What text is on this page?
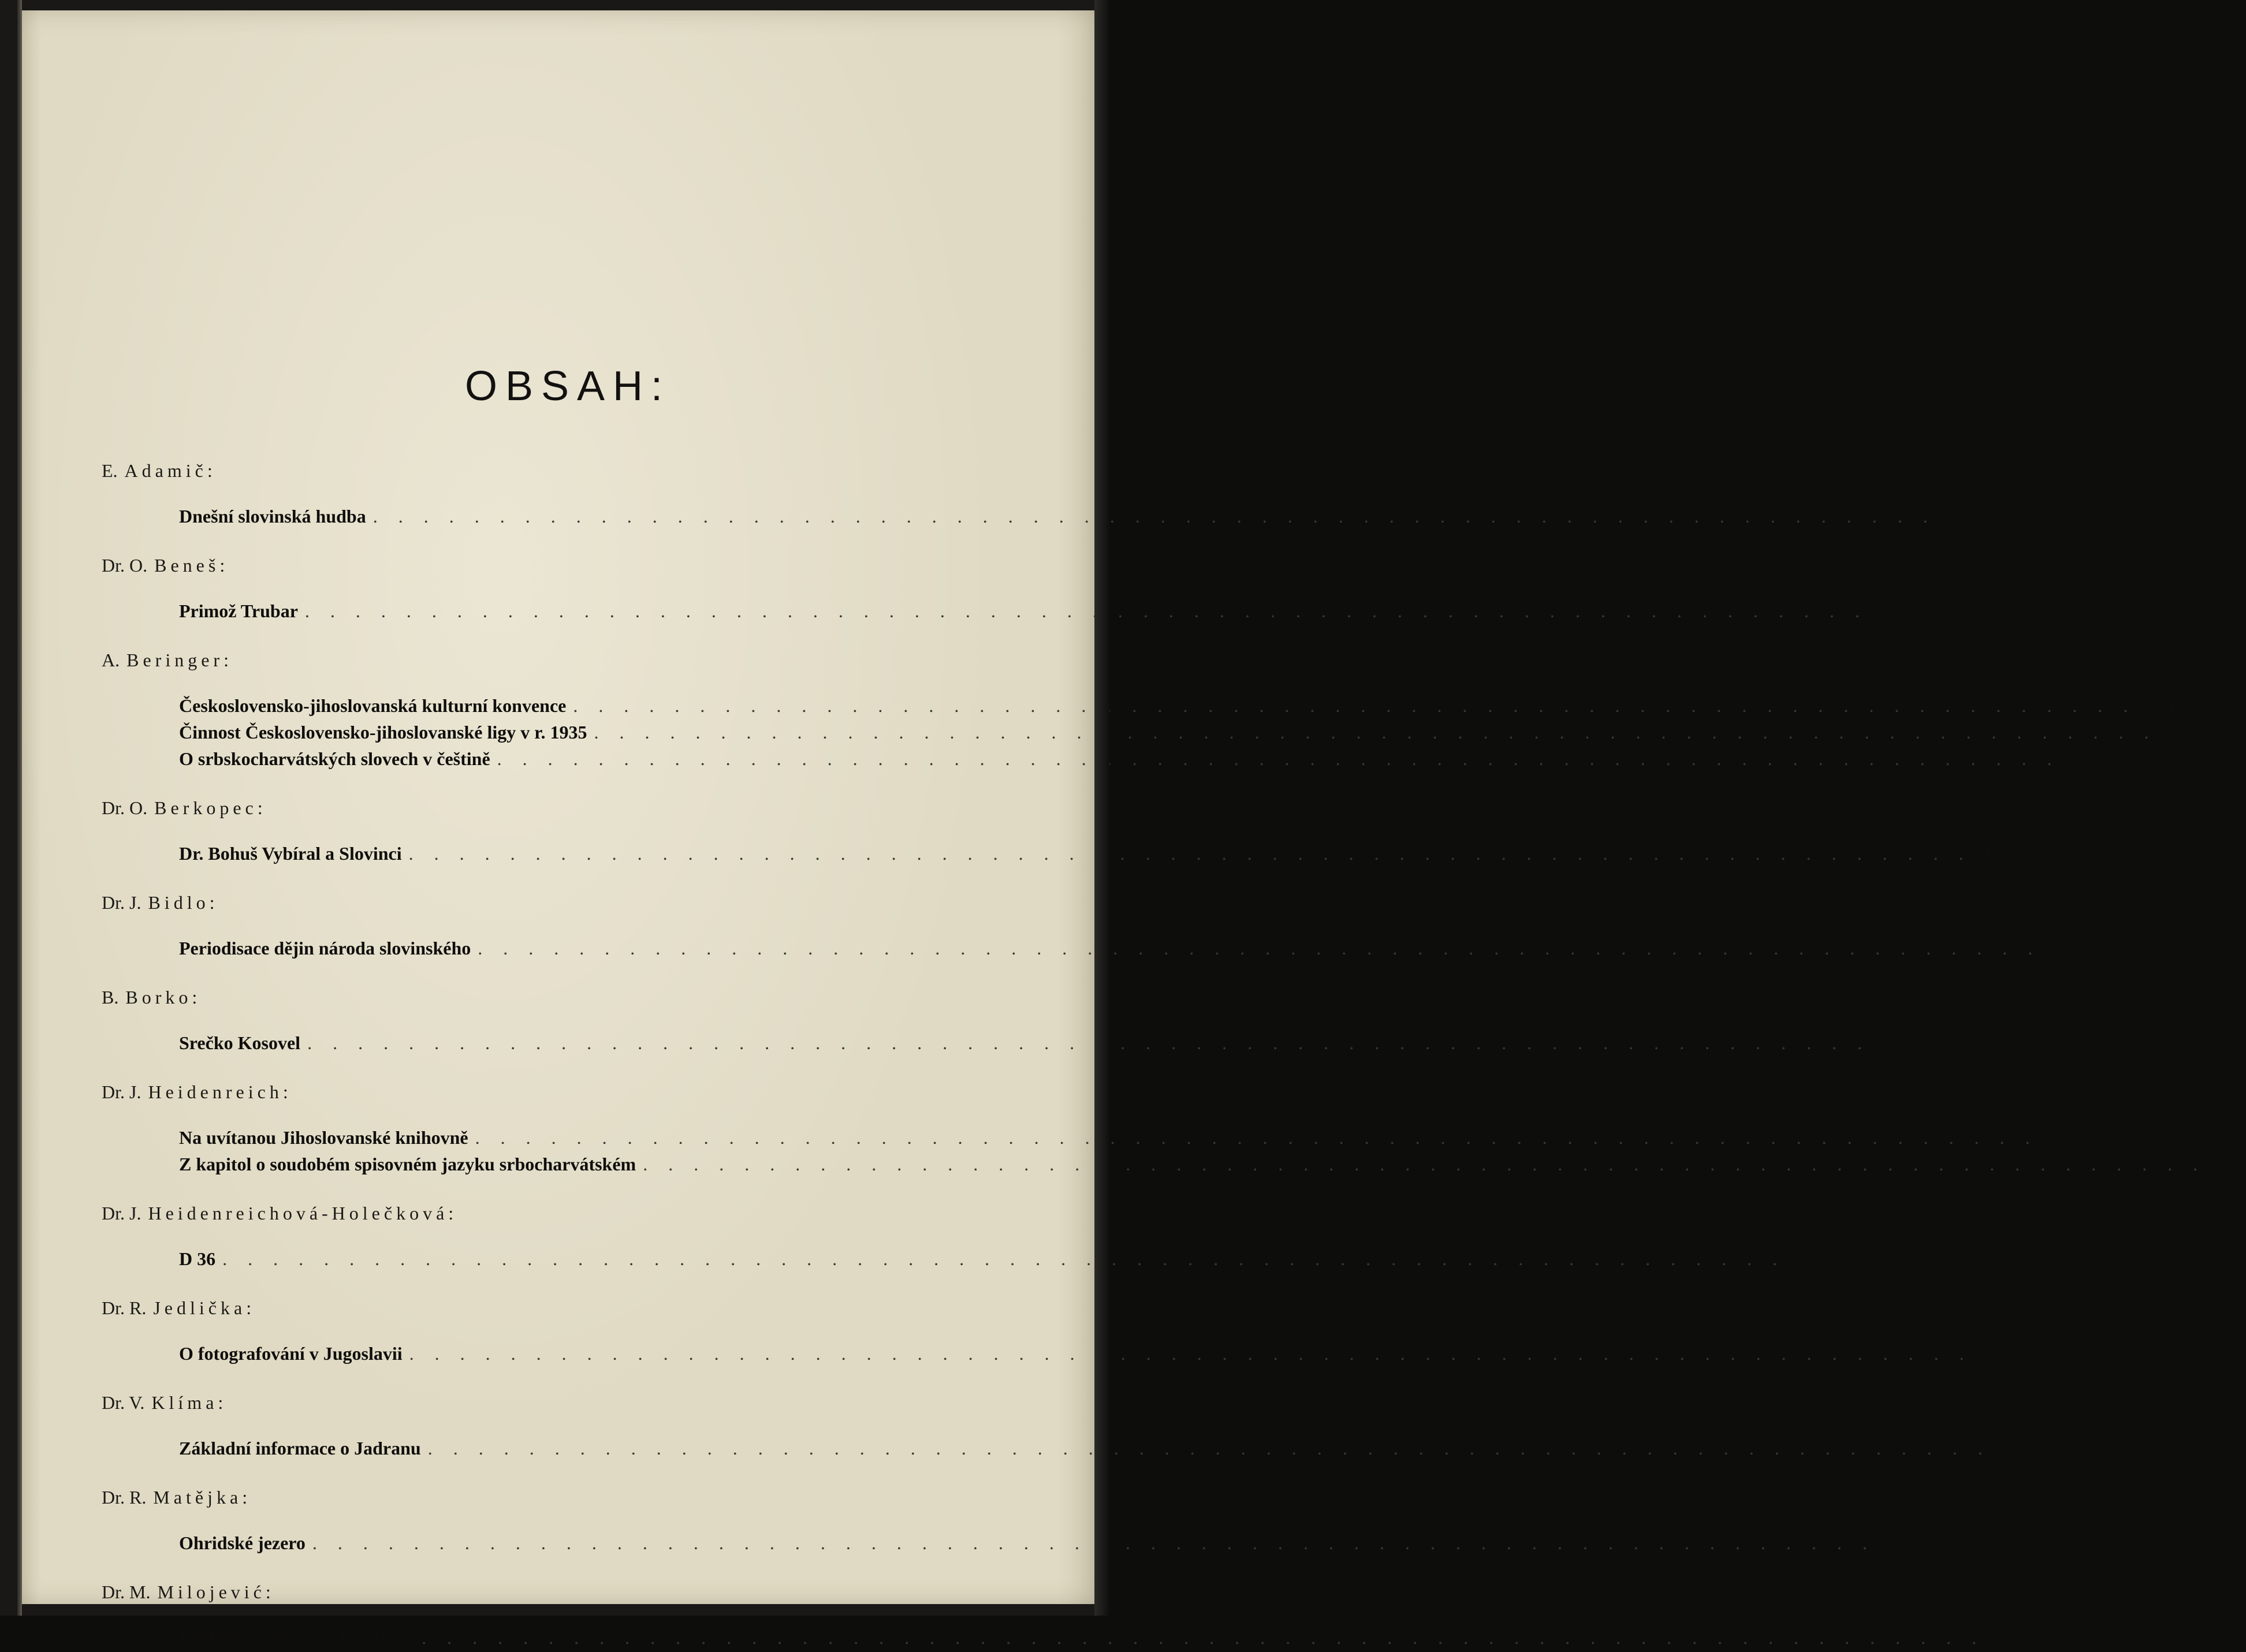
OBSAH:
E. Adamič:
Dnešní slovinská hudba . . .	73
Dr. O. Beneš:
Primož Trubar . . .	104
A. Beringer:
Československo-jihoslovanská kulturní konvence . . .	1
Činnost Československo-jihoslovanské ligy v r. 1935 . . .	25
O srbskocharvátských slovech v češtině . . .	140
Dr. O. Berkopec:
Dr. Bohuš Vybíral a Slovinci . . .	148
Dr. J. Bidlo:
Periodisace dějin národa slovinského . . .	77
B. Borko:
Srečko Kosovel . . .	52
Dr. J. Heidenreich:
Na uvítanou Jihoslovanské knihovně . . .	7
Z kapitol o soudobém spisovném jazyku srbocharvátském . . .	136
Dr. J. Heidenreichová-Holečková:
D 36 . . .	18
Dr. R. Jedlička:
O fotografování v Jugoslavii . . .	82
Dr. V. Klíma:
Základní informace o Jadranu . . .	54
Dr. R. Matějka:
Ohridské jezero . . .	85
Dr. M. Milojević:
Hudební výchova v Jugoslavii . . .	9
